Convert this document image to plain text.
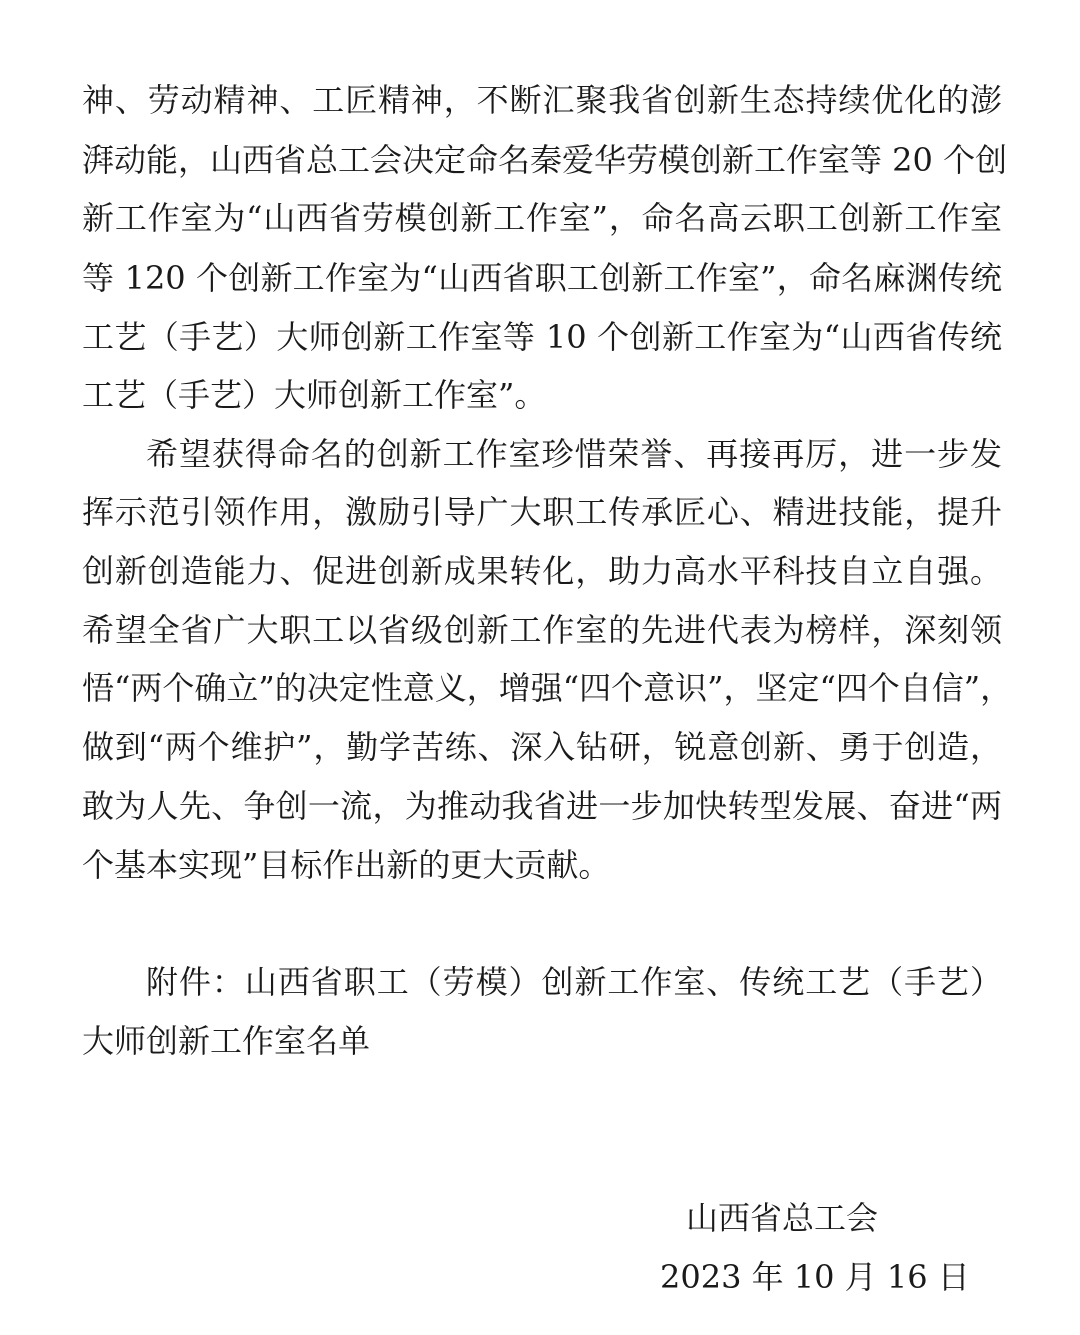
神、劳动精神、工匠精神，不断汇聚我省创新生态持续优化的澎
湃动能，山西省总工会决定命名秦爱华劳模创新工作室等 20 个创
新工作室为“山西省劳模创新工作室”，命名高云职工创新工作室
等 120 个创新工作室为“山西省职工创新工作室”，命名麻渊传统
工艺（手艺）大师创新工作室等 10 个创新工作室为“山西省传统
工艺（手艺）大师创新工作室”。
希望获得命名的创新工作室珍惜荣誉、再接再厉，进一步发
挥示范引领作用，激励引导广大职工传承匠心、精进技能，提升
创新创造能力、促进创新成果转化，助力高水平科技自立自强。
希望全省广大职工以省级创新工作室的先进代表为榜样，深刻领
悟“两个确立”的决定性意义，增强“四个意识”，坚定“四个自信”，
做到“两个维护”，勤学苦练、深入钻研，锐意创新、勇于创造，
敢为人先、争创一流，为推动我省进一步加快转型发展、奋进“两
个基本实现”目标作出新的更大贡献。
附件：山西省职工（劳模）创新工作室、传统工艺（手艺）
大师创新工作室名单
山西省总工会
2023 年 10 月 16 日
